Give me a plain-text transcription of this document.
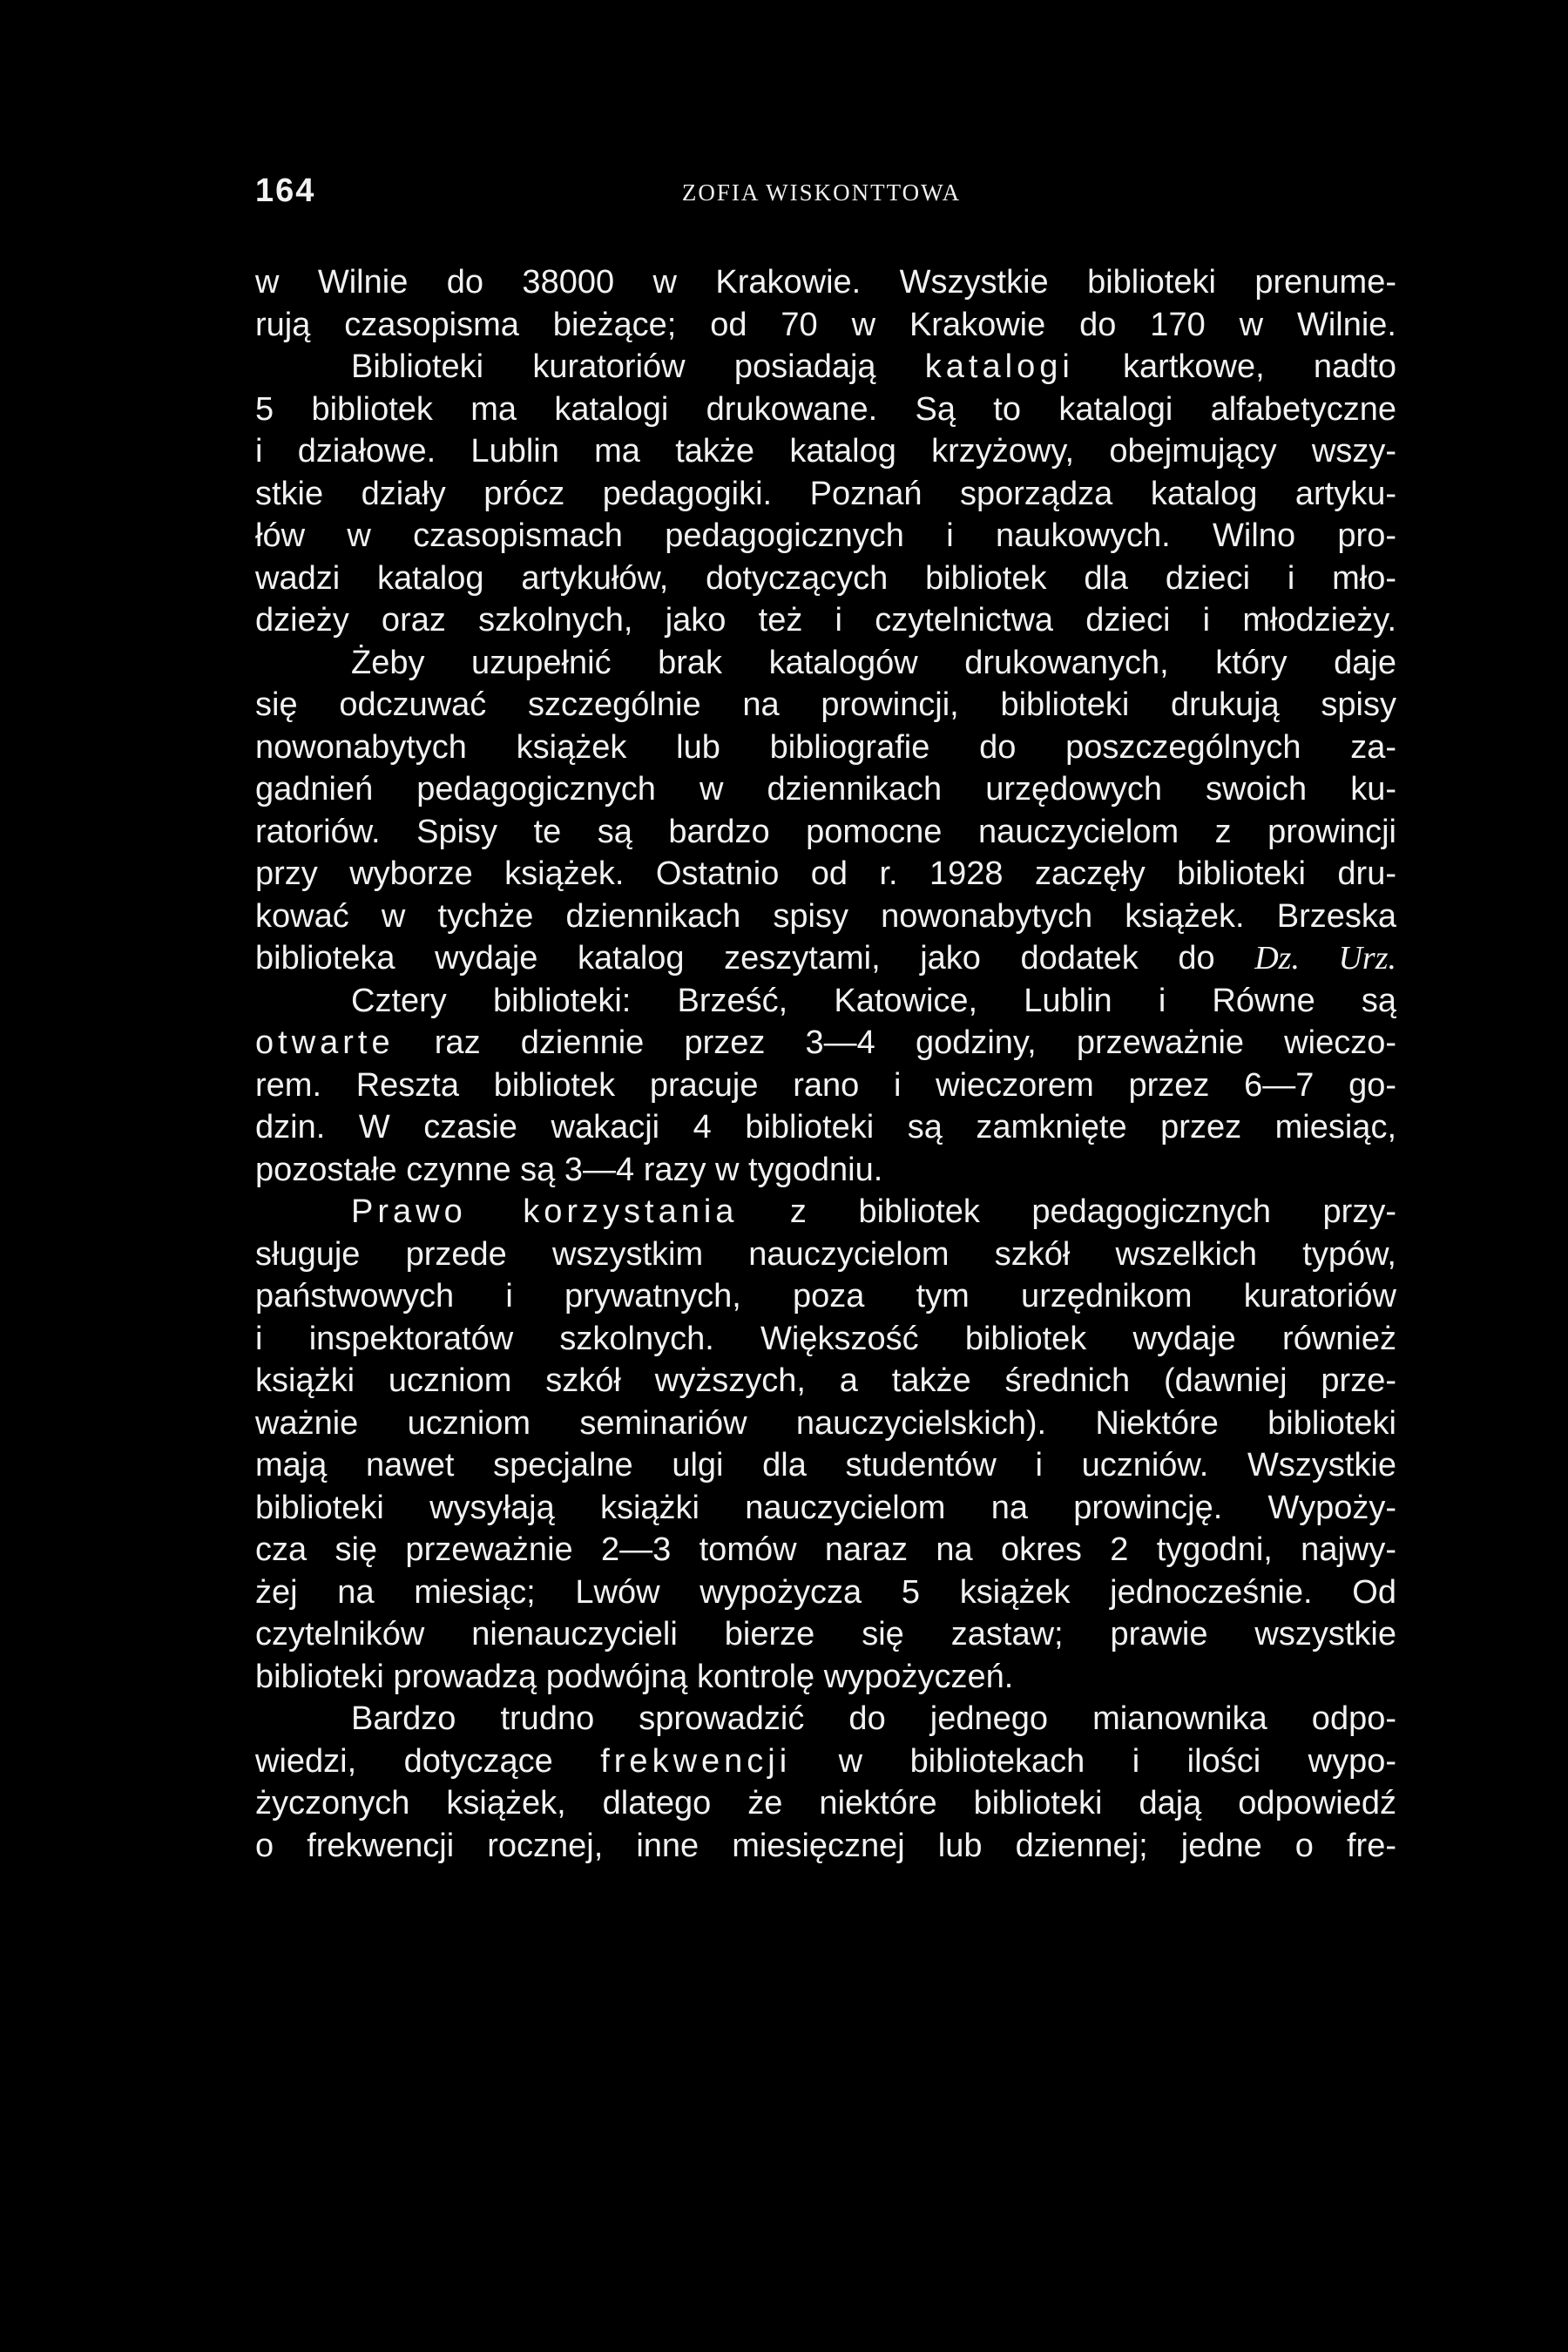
164	ZOFIA WISKONTTOWA
w Wilnie do 38000 w Krakowie. Wszystkie biblioteki prenume-
rują czasopisma bieżące; od 70 w Krakowie do 170 w Wilnie.
Biblioteki kuratoriów posiadają katalogi kartkowe, nadto
5 bibliotek ma katalogi drukowane. Są to katalogi alfabetyczne
i działowe. Lublin ma także katalog krzyżowy, obejmujący wszy-
stkie działy prócz pedagogiki. Poznań sporządza katalog artyku-
łów w czasopismach pedagogicznych i naukowych. Wilno pro-
wadzi katalog artykułów, dotyczących bibliotek dla dzieci i mło-
dzieży oraz szkolnych, jako też i czytelnictwa dzieci i młodzieży.
Żeby uzupełnić brak katalogów drukowanych, który daje
się odczuwać szczególnie na prowincji, biblioteki drukują spisy
nowonabytych książek lub bibliografie do poszczególnych za-
gadnień pedagogicznych w dziennikach urzędowych swoich ku-
ratoriów. Spisy te są bardzo pomocne nauczycielom z prowincji
przy wyborze książek. Ostatnio od r. 1928 zaczęły biblioteki dru-
kować w tychże dziennikach spisy nowonabytych książek. Brzeska
biblioteka wydaje katalog zeszytami, jako dodatek do Dz. Urz.
Cztery biblioteki: Brześć, Katowice, Lublin i Równe są
otwarte raz dziennie przez 3—4 godziny, przeważnie wieczo-
rem. Reszta bibliotek pracuje rano i wieczorem przez 6—7 go-
dzin. W czasie wakacji 4 biblioteki są zamknięte przez miesiąc,
pozostałe czynne są 3—4 razy w tygodniu.
Prawo korzystania z bibliotek pedagogicznych przy-
sługuje przede wszystkim nauczycielom szkół wszelkich typów,
państwowych i prywatnych, poza tym urzędnikom kuratoriów
i inspektoratów szkolnych. Większość bibliotek wydaje również
książki uczniom szkół wyższych, a także średnich (dawniej prze-
ważnie uczniom seminariów nauczycielskich). Niektóre biblioteki
mają nawet specjalne ulgi dla studentów i uczniów. Wszystkie
biblioteki wysyłają książki nauczycielom na prowincję. Wypoży-
cza się przeważnie 2—3 tomów naraz na okres 2 tygodni, najwy-
żej na miesiąc; Lwów wypożycza 5 książek jednocześnie. Od
czytelników nienauczycieli bierze się zastaw; prawie wszystkie
biblioteki prowadzą podwójną kontrolę wypożyczeń.
Bardzo trudno sprowadzić do jednego mianownika odpo-
wiedzi, dotyczące frekwencji w bibliotekach i ilości wypo-
życzonych książek, dlatego że niektóre biblioteki dają odpowiedź
o frekwencji rocznej, inne miesięcznej lub dziennej; jedne o fre-
